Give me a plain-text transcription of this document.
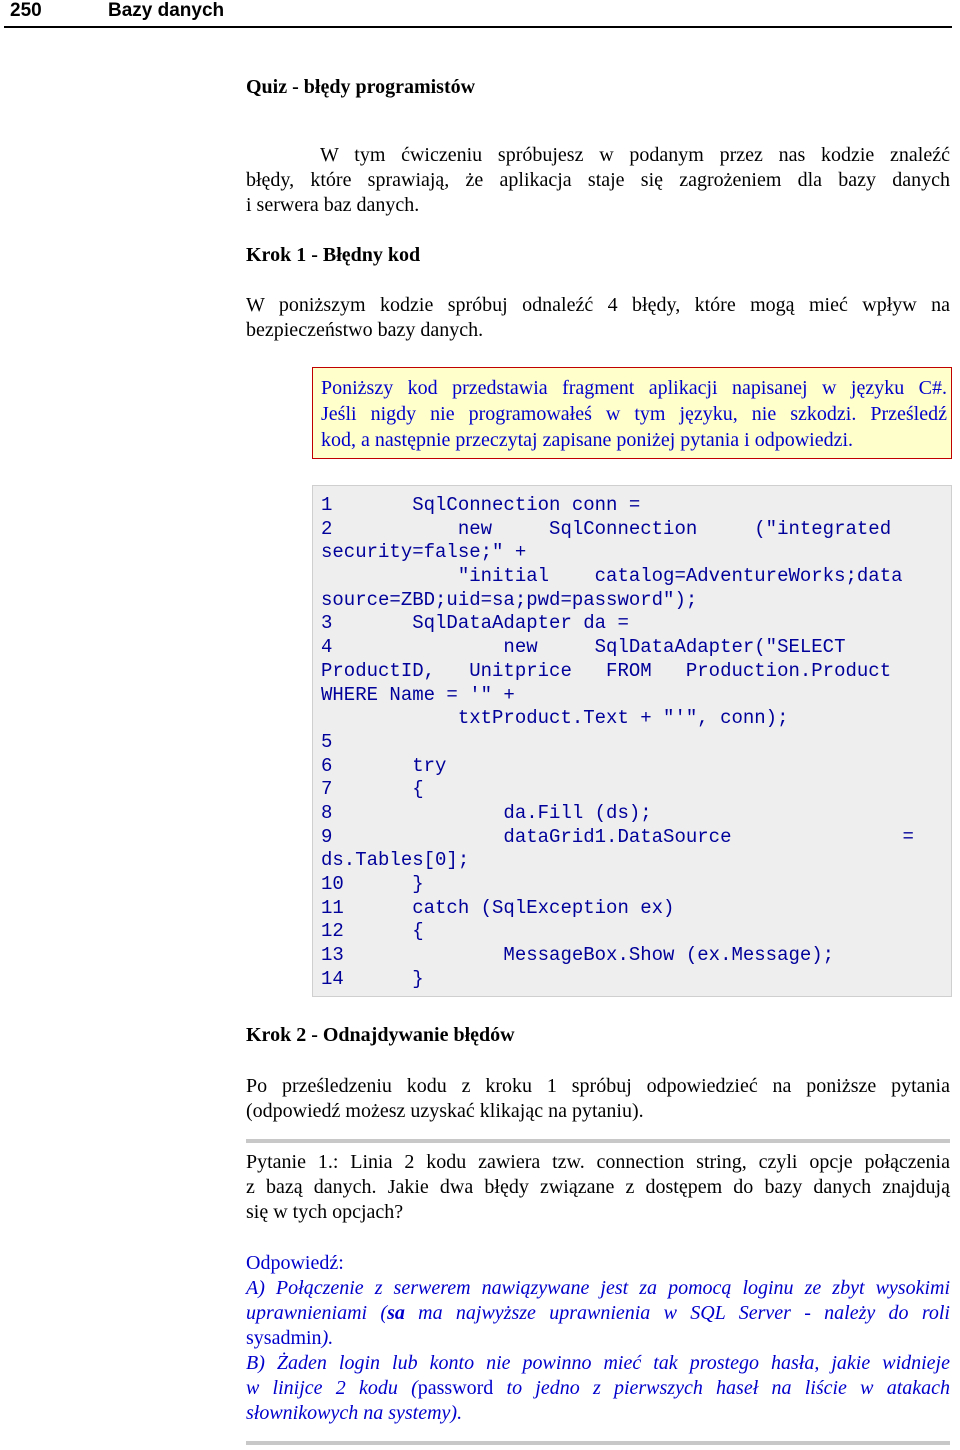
250	Bazy danych
Quiz - błędy programistów
W tym ćwiczeniu spróbujesz w podanym przez nas kodzie znaleźć
błędy, które sprawiają, że aplikacja staje się zagrożeniem dla bazy danych
i serwera baz danych.
Krok 1 - Błędny kod
W poniższym kodzie spróbuj odnaleźć 4 błędy, które mogą mieć wpływ na
bezpieczeństwo bazy danych.
Poniższy kod przedstawia fragment aplikacji napisanej w języku C#.
Jeśli nigdy nie programowałeś w tym języku, nie szkodzi. Prześledź
kod, a następnie przeczytaj zapisane poniżej pytania i odpowiedzi.
1       SqlConnection conn =
2           new     SqlConnection     ("integrated
security=false;" +
"initial    catalog=AdventureWorks;data
source=ZBD;uid=sa;pwd=password");
3       SqlDataAdapter da =
4               new     SqlDataAdapter("SELECT
ProductID,   Unitprice   FROM   Production.Product
WHERE Name = '" +
txtProduct.Text + "'", conn);
5
6       try
7       {
8               da.Fill (ds);
9               dataGrid1.DataSource               =
ds.Tables[0];
10      }
11      catch (SqlException ex)
12      {
13              MessageBox.Show (ex.Message);
14      }
Krok 2 - Odnajdywanie błędów
Po prześledzeniu kodu z kroku 1 spróbuj odpowiedzieć na poniższe pytania
(odpowiedź możesz uzyskać klikając na pytaniu).
Pytanie 1.: Linia 2 kodu zawiera tzw. connection string, czyli opcje połączenia
z bazą danych. Jakie dwa błędy związane z dostępem do bazy danych znajdują
się w tych opcjach?
Odpowiedź:
A) Połączenie z serwerem nawiązywane jest za pomocą loginu ze zbyt wysokimi
uprawnieniami (sa ma najwyższe uprawnienia w SQL Server - należy do roli
sysadmin).
B) Żaden login lub konto nie powinno mieć tak prostego hasła, jakie widnieje
w linijce 2 kodu (password to jedno z pierwszych haseł na liście w atakach
słownikowych na systemy).
